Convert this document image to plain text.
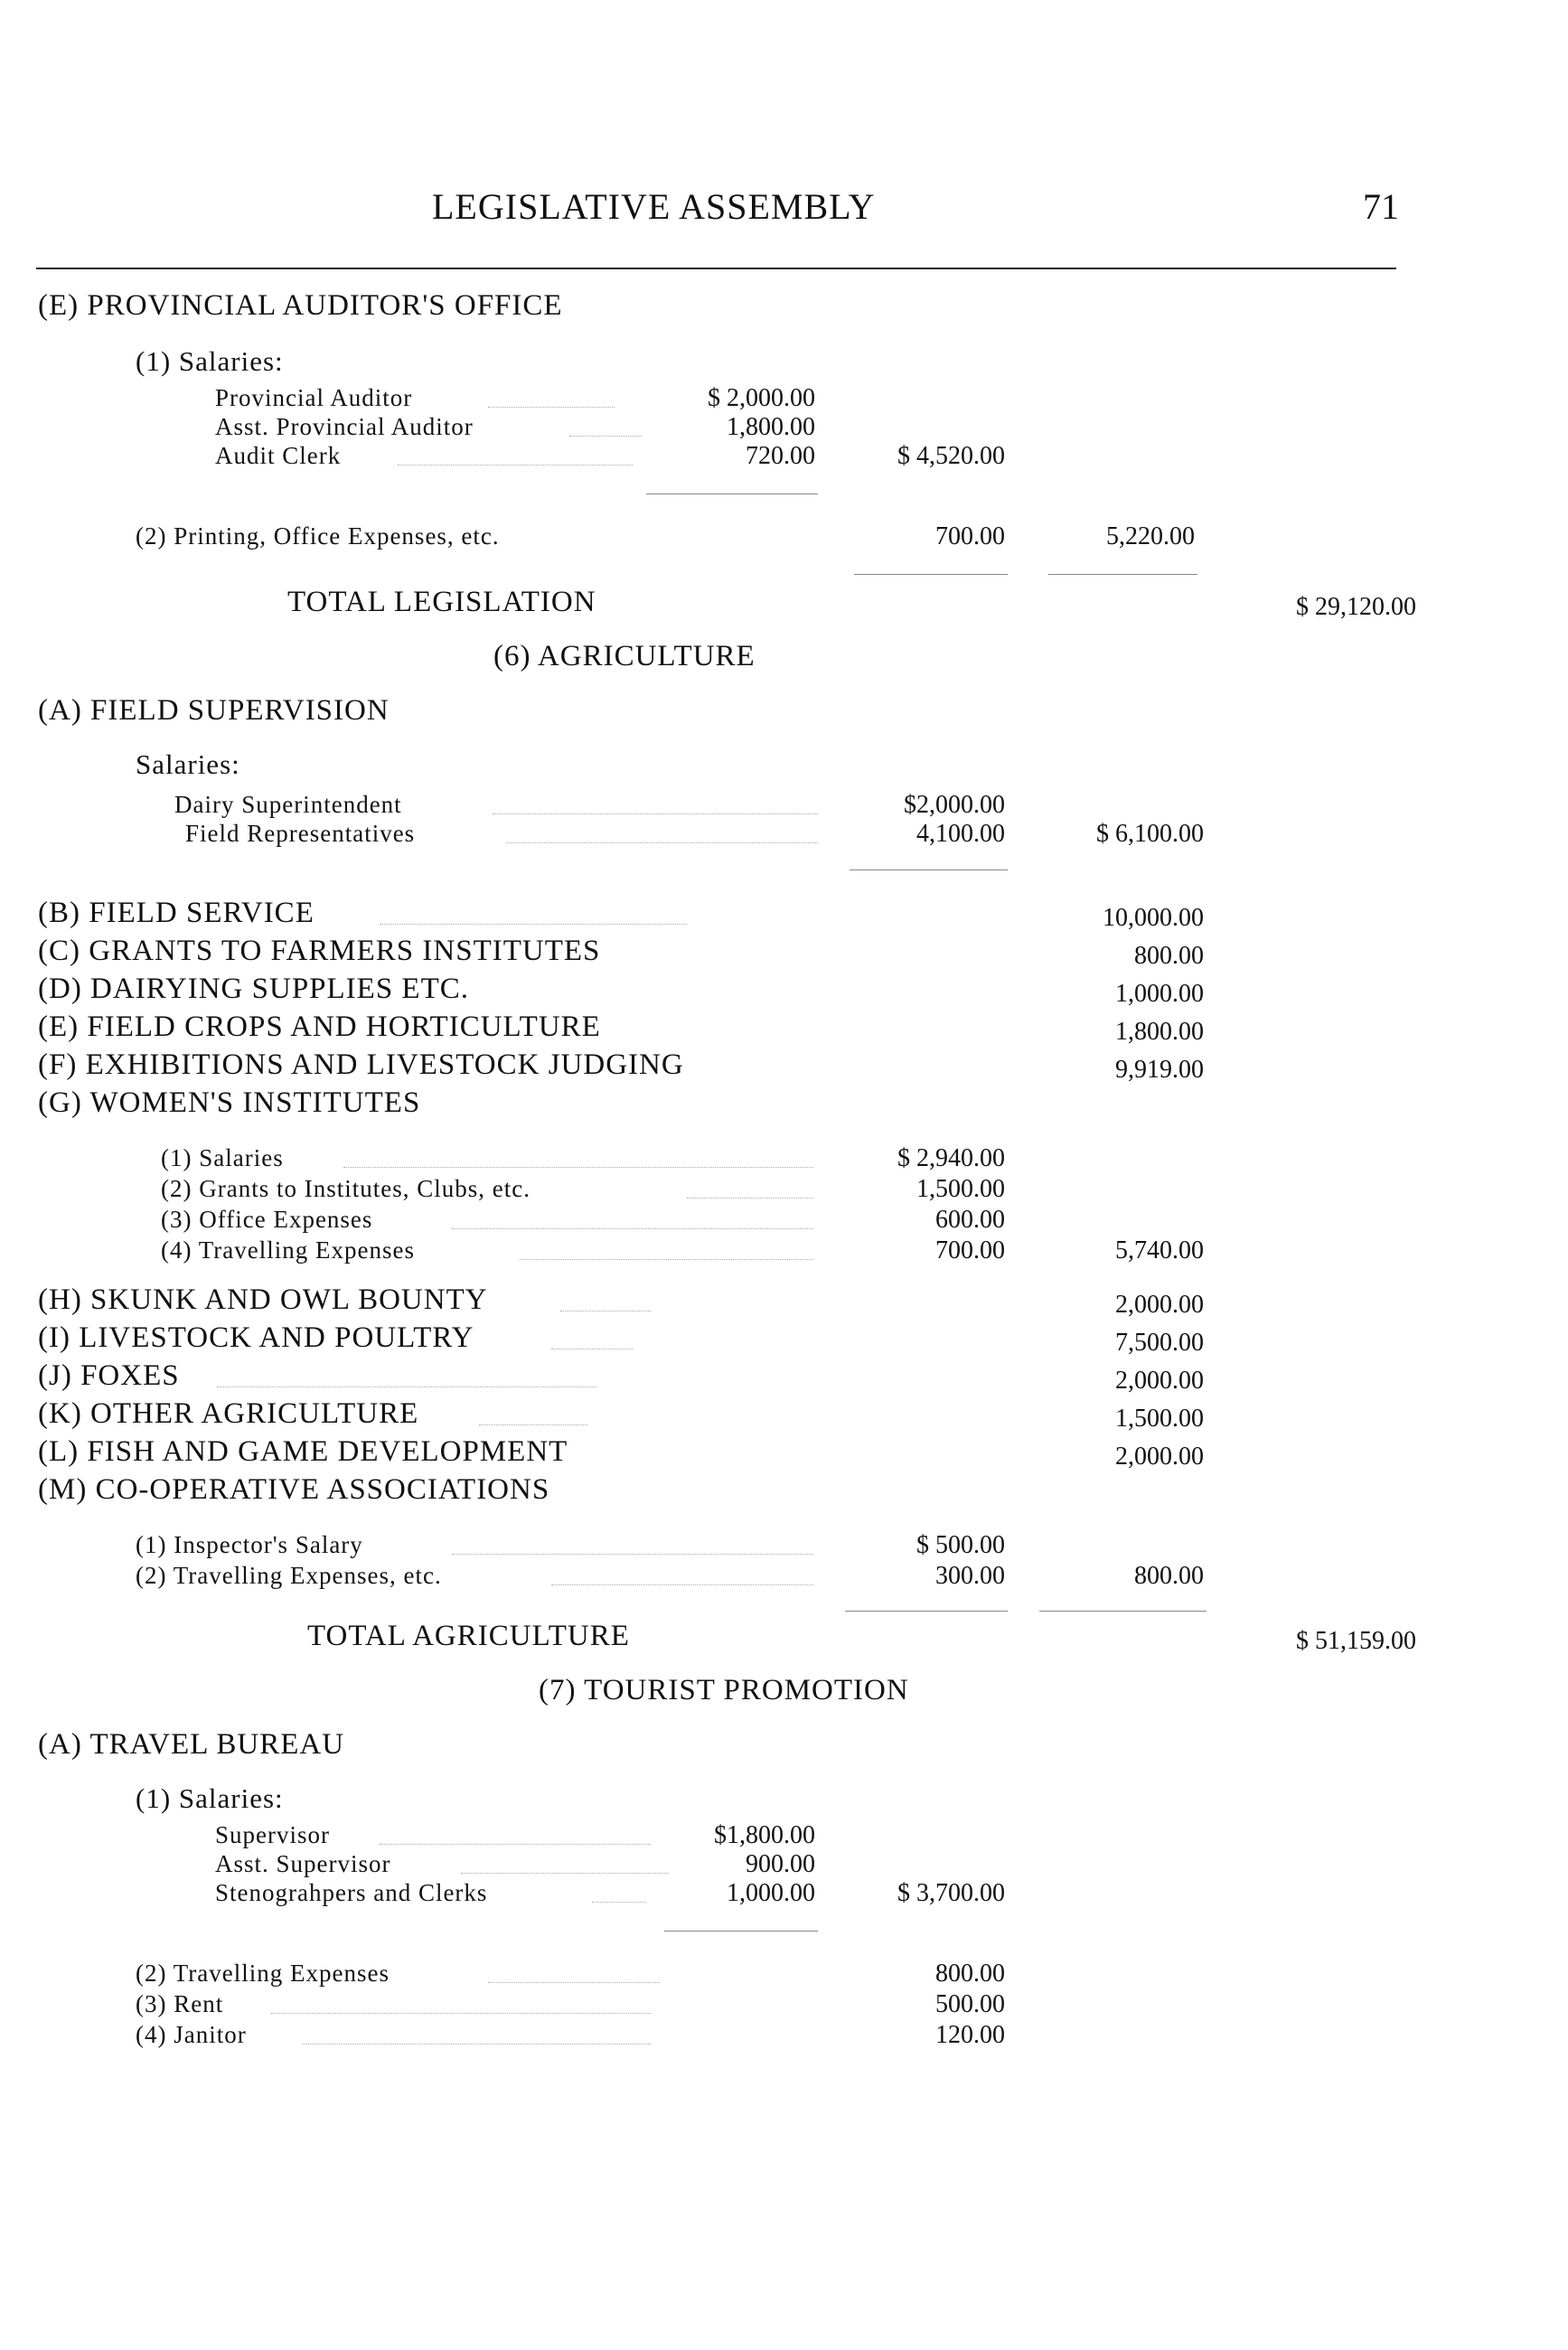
LEGISLATIVE ASSEMBLY	71
(E) PROVINCIAL AUDITOR'S OFFICE
(1) Salaries:
Provincial Auditor	$ 2,000.00
Asst. Provincial Auditor	1,800.00
Audit Clerk	720.00	$ 4,520.00
(2) Printing, Office Expenses, etc.	700.00	5,220.00
TOTAL LEGISLATION	$ 29,120.00
(6) AGRICULTURE
(A) FIELD SUPERVISION
Salaries:
Dairy Superintendent	$2,000.00
Field Representatives	4,100.00	$ 6,100.00
(B) FIELD SERVICE	10,000.00
(C) GRANTS TO FARMERS INSTITUTES	800.00
(D) DAIRYING SUPPLIES ETC.	1,000.00
(E) FIELD CROPS AND HORTICULTURE	1,800.00
(F) EXHIBITIONS AND LIVESTOCK JUDGING	9,919.00
(G) WOMEN'S INSTITUTES
(1) Salaries	$ 2,940.00
(2) Grants to Institutes, Clubs, etc.	1,500.00
(3) Office Expenses	600.00
(4) Travelling Expenses	700.00	5,740.00
(H) SKUNK AND OWL BOUNTY	2,000.00
(I) LIVESTOCK AND POULTRY	7,500.00
(J) FOXES	2,000.00
(K) OTHER AGRICULTURE	1,500.00
(L) FISH AND GAME DEVELOPMENT	2,000.00
(M) CO-OPERATIVE ASSOCIATIONS
(1) Inspector's Salary	$ 500.00
(2) Travelling Expenses, etc.	300.00	800.00
TOTAL AGRICULTURE	$ 51,159.00
(7) TOURIST PROMOTION
(A) TRAVEL BUREAU
(1) Salaries:
Supervisor	$1,800.00
Asst. Supervisor	900.00
Stenograhpers and Clerks	1,000.00	$ 3,700.00
(2) Travelling Expenses	800.00
(3) Rent	500.00
(4) Janitor	120.00
